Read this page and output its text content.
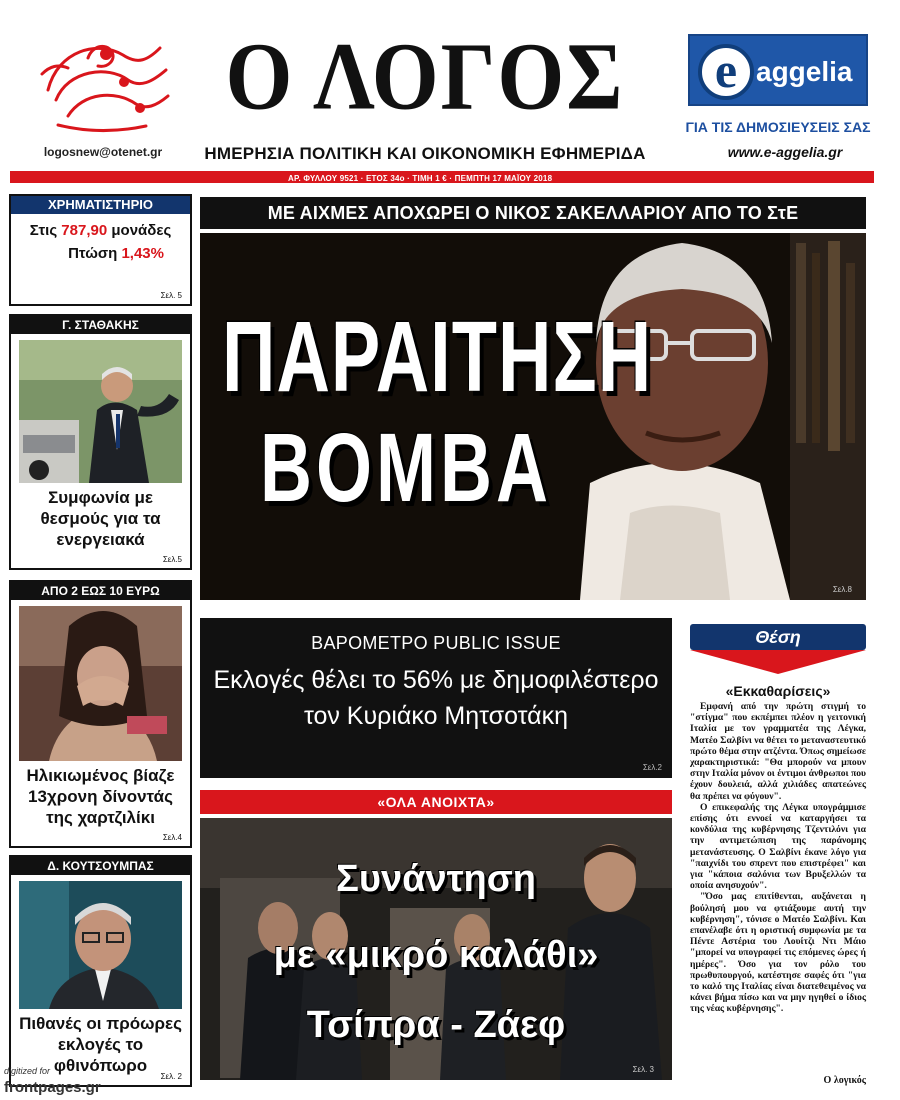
logosnew@otenet.gr
Ο ΛΟΓΟΣ
ΗΜΕΡΗΣΙΑ ΠΟΛΙΤΙΚΗ ΚΑΙ ΟΙΚΟΝΟΜΙΚΗ ΕΦΗΜΕΡΙΔΑ
e aggelia
ΓΙΑ ΤΙΣ ΔΗΜΟΣΙΕΥΣΕΙΣ ΣΑΣ
www.e-aggelia.gr
ΑΡ. ΦΥΛΛΟΥ 9521 · ΕΤΟΣ 34ο · ΤΙΜΗ 1 € · ΠΕΜΠΤΗ 17 ΜΑΪΟΥ 2018
ΧΡΗΜΑΤΙΣΤΗΡΙΟ
Στις 787,90 μονάδες
Πτώση 1,43%
Σελ. 5
Γ. ΣΤΑΘΑΚΗΣ
Συμφωνία με θεσμούς για τα ενεργειακά
Σελ.5
ΑΠΟ 2 ΕΩΣ 10 ΕΥΡΩ
Ηλικιωμένος βίαζε 13χρονη δίνοντάς της χαρτζιλίκι
Σελ.4
Δ. ΚΟΥΤΣΟΥΜΠΑΣ
Πιθανές οι πρόωρες εκλογές το φθινόπωρο
Σελ. 2
ΜΕ ΑΙΧΜΕΣ ΑΠΟΧΩΡΕΙ Ο ΝΙΚΟΣ ΣΑΚΕΛΛΑΡΙΟΥ ΑΠΟ ΤΟ ΣτΕ
ΠΑΡΑΙΤΗΣΗ
ΒΟΜΒΑ
Σελ.8
ΒΑΡΟΜΕΤΡΟ PUBLIC ISSUE
Εκλογές θέλει το 56% με δημοφιλέστερο
τον Κυριάκο Μητσοτάκη
Σελ.2
«ΟΛΑ ΑΝΟΙΧΤΑ»
Συνάντηση
με «μικρό καλάθι»
Τσίπρα - Ζάεφ
Σελ. 3
Θέση
«Εκκαθαρίσεις»

Εμφανή από την πρώτη στιγμή το "στίγμα" που εκπέμπει πλέον η γειτονική Ιταλία με τον γραμματέα της Λέγκα, Ματέο Σαλβίνι να θέτει το μεταναστευτικό πρώτο θέμα στην ατζέντα. Όπως σημείωσε χαρακτηριστικά: "Θα μπορούν να μπουν στην Ιταλία μόνον οι έντιμοι άνθρωποι που έχουν δουλειά, αλλά χιλιάδες απατεώνες θα πρέπει να φύγουν".

Ο επικεφαλής της Λέγκα υπογράμμισε επίσης ότι εννοεί να καταργήσει τα κονδύλια της κυβέρνησης Τζεντιλόνι για την αντιμετώπιση της παράνομης μετανάστευσης. Ο Σαλβίνι έκανε λόγο για "παιχνίδι του σπρεντ που επιστρέφει" και για "κάποια σαλόνια των Βρυξελλών τα οποία ανησυχούν".

"Όσο μας επιτίθενται, αυξάνεται η βούλησή μου να φτιάξουμε αυτή την κυβέρνηση", τόνισε ο Ματέο Σαλβίνι. Και επανέλαβε ότι η οριστική συμφωνία με τα Πέντε Αστέρια του Λουίτζι Ντι Μάιο "μπορεί να υπογραφεί τις επόμενες ώρες ή ημέρες". Όσο για τον ρόλο του πρωθυπουργού, κατέστησε σαφές ότι "για το καλό της Ιταλίας είναι διατεθειμένος να κάνει βήμα πίσω και να μην ηγηθεί ο ίδιος της νέας κυβέρνησης".

Ο λογικός
digitized for
frontpages.gr
